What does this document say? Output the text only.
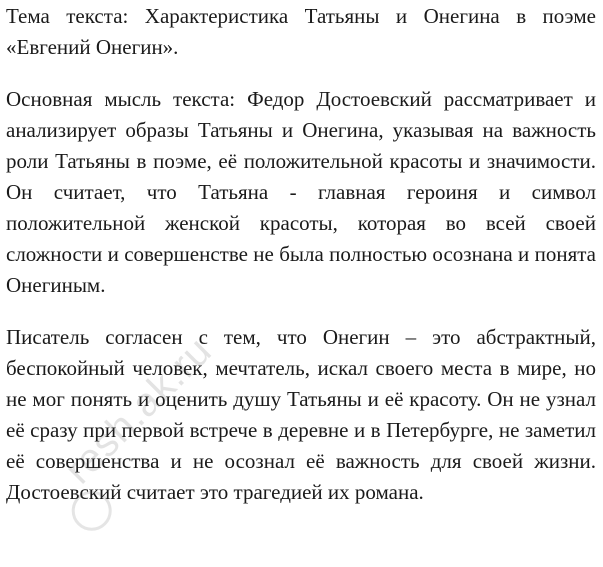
Тема текста: Характеристика Татьяны и Онегина в поэме «Евгений Онегин».

Основная мысль текста: Федор Достоевский рассматривает и анализирует образы Татьяны и Онегина, указывая на важность роли Татьяны в поэме, её положительной красоты и значимости. Он считает, что Татьяна - главная героиня и символ положительной женской красоты, которая во всей своей сложности и совершенстве не была полностью осознана и понята Онегиным.

Писатель согласен с тем, что Онегин – это абстрактный, беспокойный человек, мечтатель, искал своего места в мире, но не мог понять и оценить душу Татьяны и её красоту. Он не узнал её сразу при первой встрече в деревне и в Петербурге, не заметил её совершенства и не осознал её важность для своей жизни. Достоевский считает это трагедией их романа.

resh.ak.ru
